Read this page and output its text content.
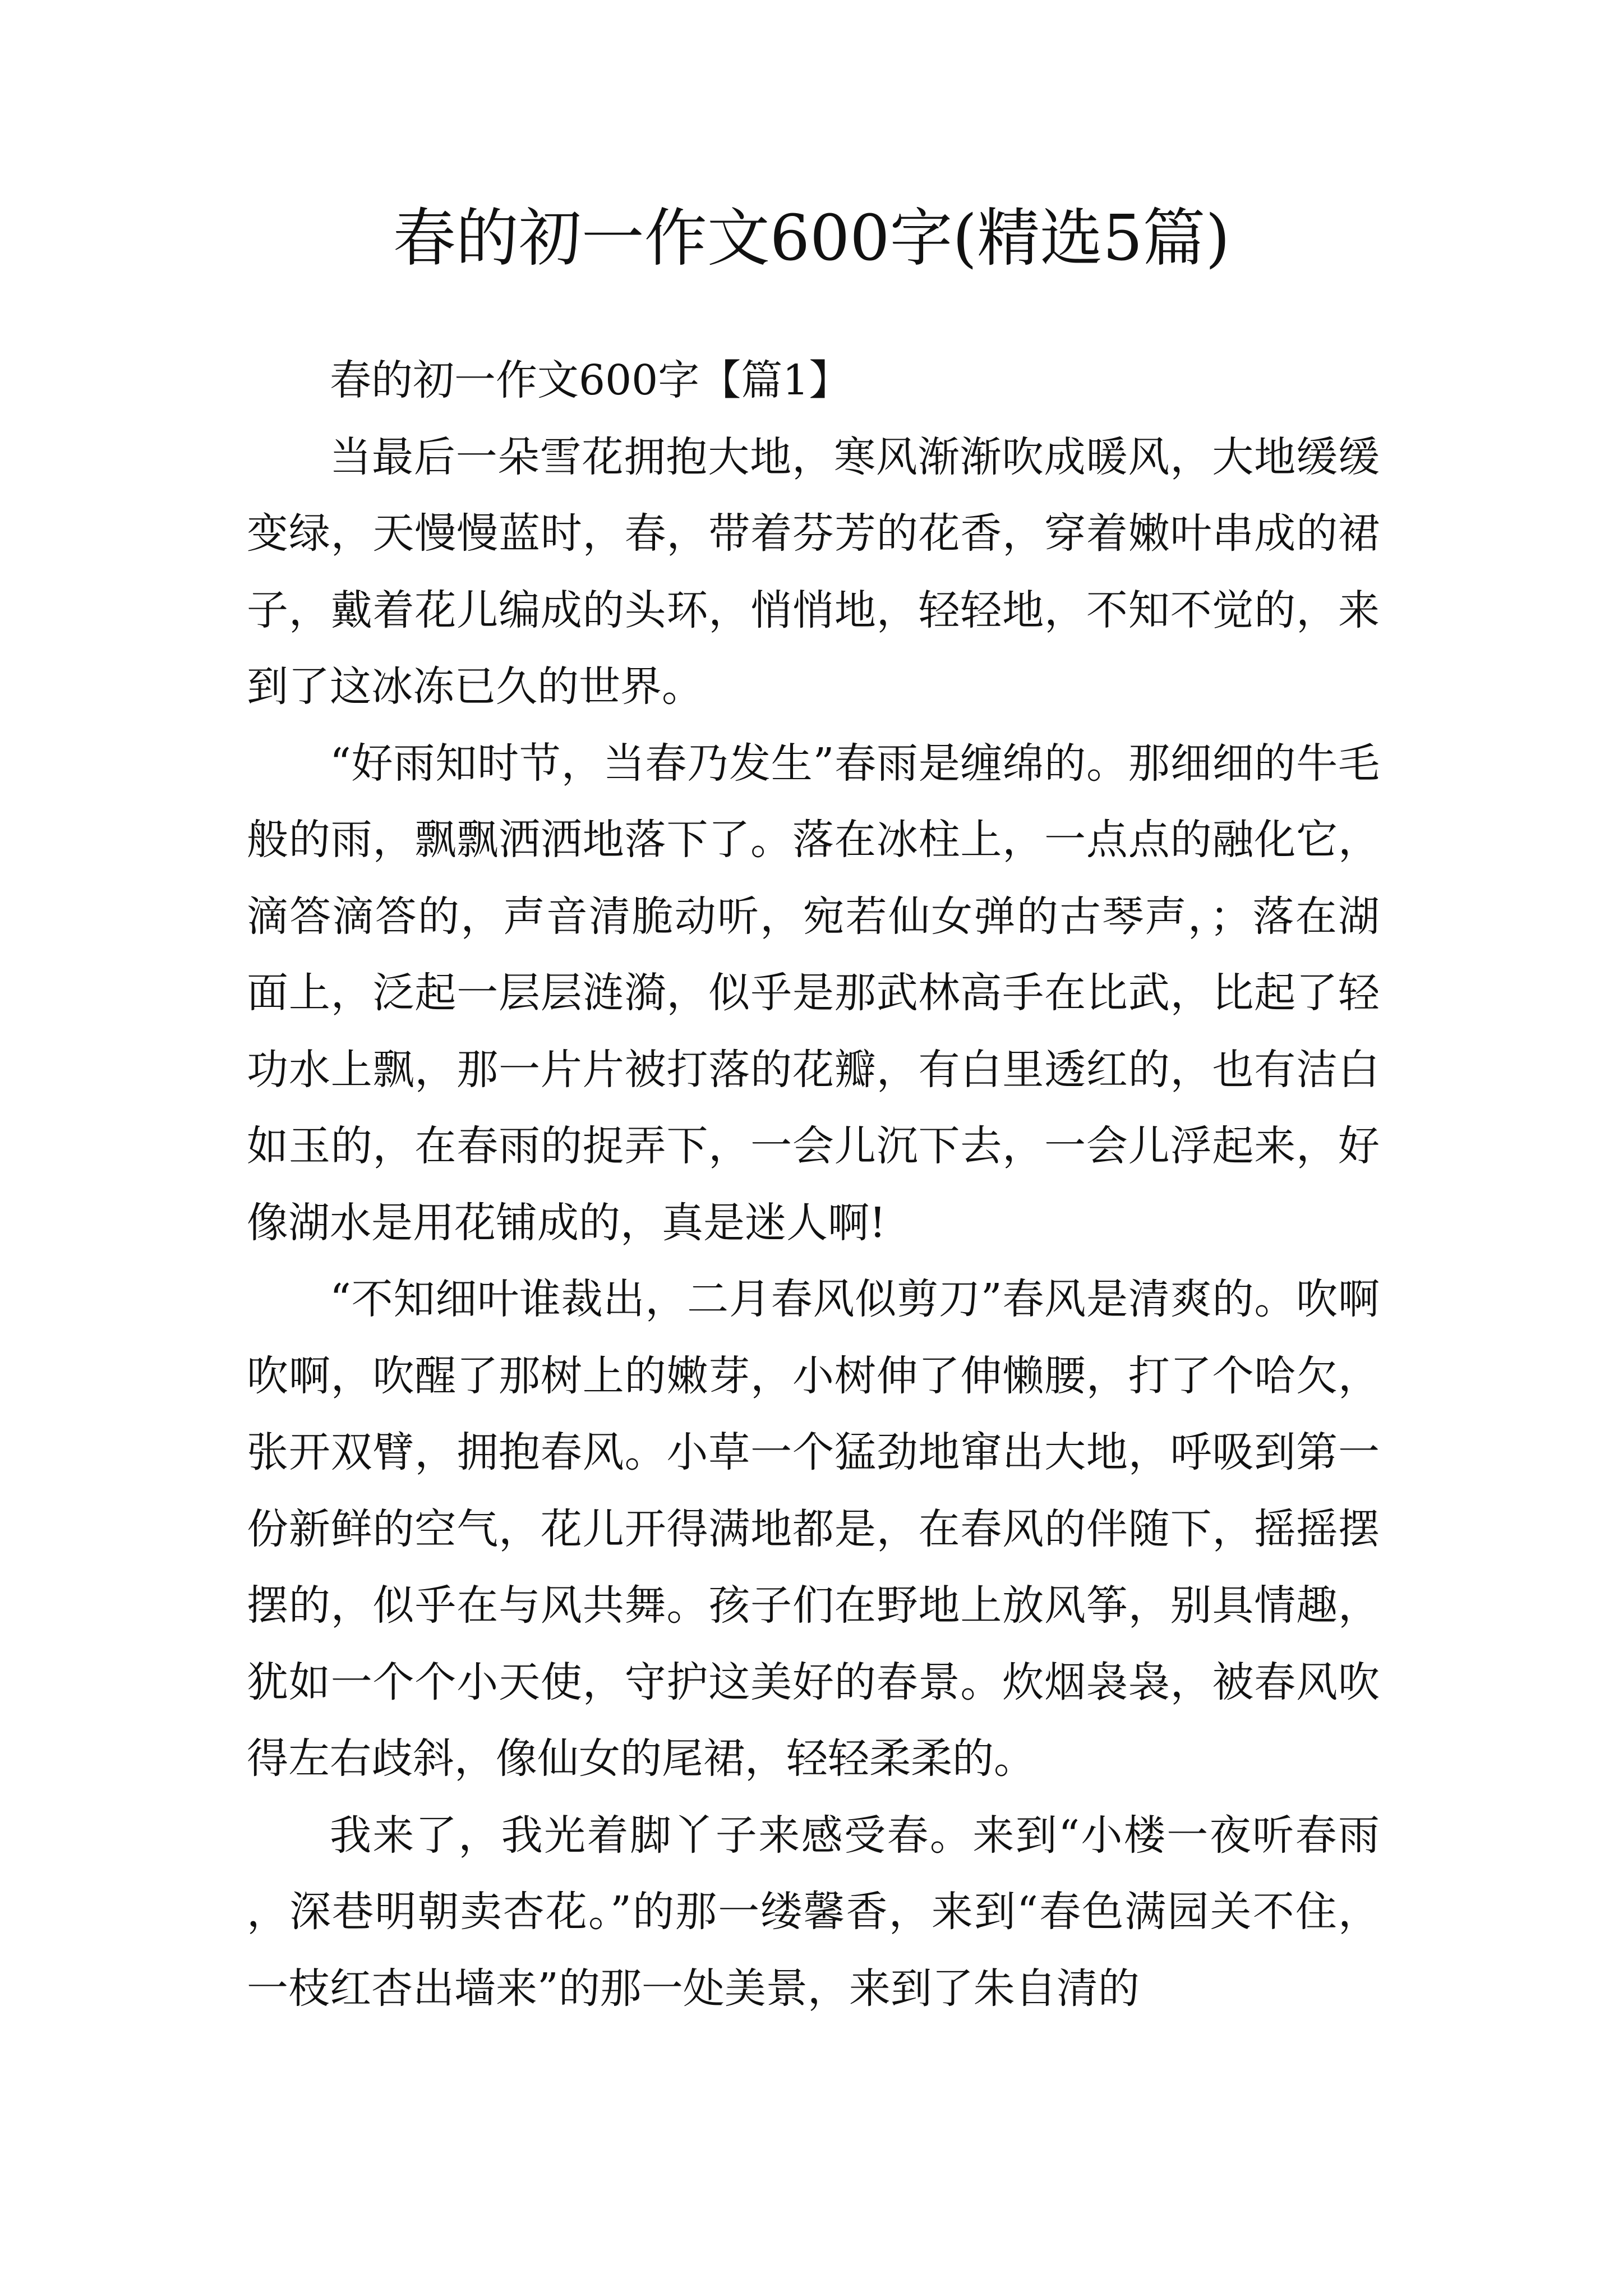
春的初一作文600字(精选5篇)

春的初一作文600字【篇1】

当最后一朵雪花拥抱大地，寒风渐渐吹成暖风，大地缓缓变绿，天慢慢蓝时，春，带着芬芳的花香，穿着嫩叶串成的裙子，戴着花儿编成的头环，悄悄地，轻轻地，不知不觉的，来到了这冰冻已久的世界。

“好雨知时节，当春乃发生”春雨是缠绵的。那细细的牛毛般的雨，飘飘洒洒地落下了。落在冰柱上，一点点的融化它，滴答滴答的，声音清脆动听，宛若仙女弹的古琴声，；落在湖面上，泛起一层层涟漪，似乎是那武林高手在比武，比起了轻功水上飘，那一片片被打落的花瓣，有白里透红的，也有洁白如玉的，在春雨的捉弄下，一会儿沉下去，一会儿浮起来，好像湖水是用花铺成的，真是迷人啊!

“不知细叶谁裁出，二月春风似剪刀”春风是清爽的。吹啊吹啊，吹醒了那树上的嫩芽，小树伸了伸懒腰，打了个哈欠，张开双臂，拥抱春风。小草一个猛劲地窜出大地，呼吸到第一份新鲜的空气，花儿开得满地都是，在春风的伴随下，摇摇摆摆的，似乎在与风共舞。孩子们在野地上放风筝，别具情趣，犹如一个个小天使，守护这美好的春景。炊烟袅袅，被春风吹得左右歧斜，像仙女的尾裙，轻轻柔柔的。

我来了，我光着脚丫子来感受春。来到“小楼一夜听春雨，深巷明朝卖杏花。”的那一缕馨香，来到“春色满园关不住，一枝红杏出墙来”的那一处美景，来到了朱自清的
